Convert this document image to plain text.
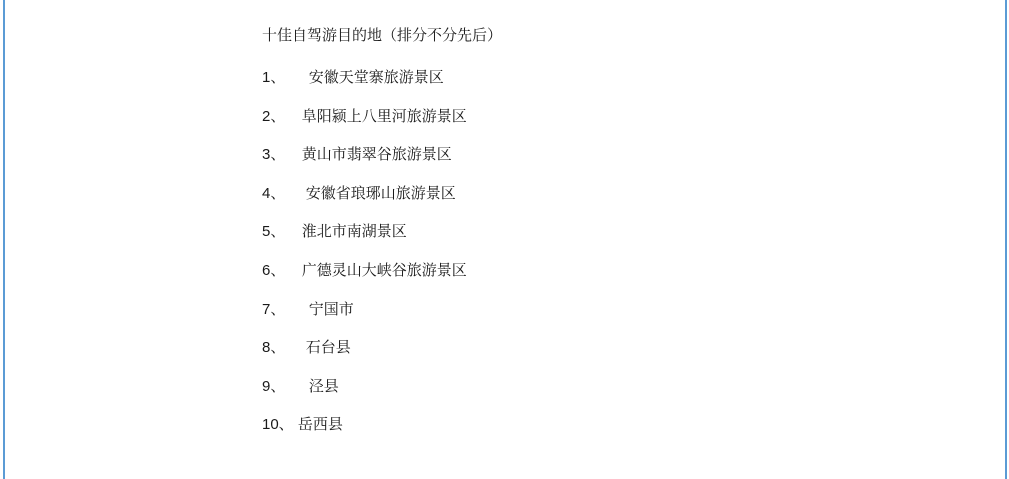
十佳自驾游目的地（排分不分先后）

1、 安徽天堂寨旅游景区
2、 阜阳颍上八里河旅游景区
3、 黄山市翡翠谷旅游景区
4、 安徽省琅琊山旅游景区
5、 淮北市南湖景区
6、 广德灵山大峡谷旅游景区
7、 宁国市
8、 石台县
9、 泾县
10、 岳西县
